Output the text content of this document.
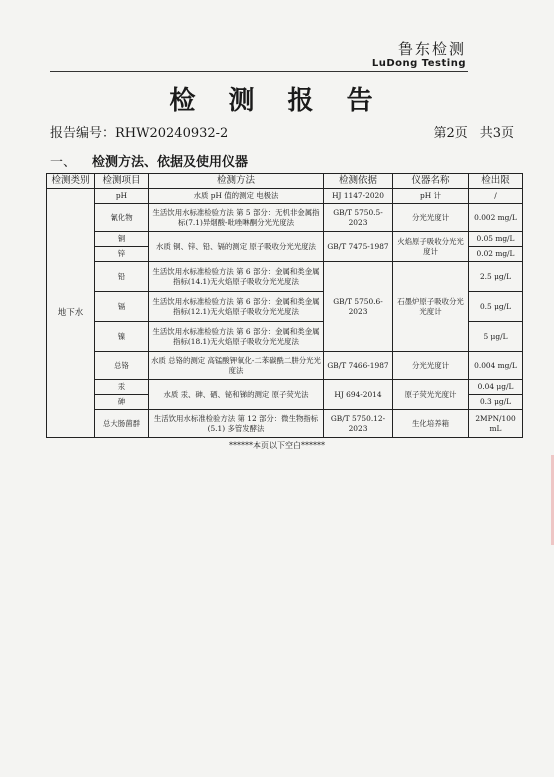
鲁东检测
LuDong Testing
检 测 报 告
报告编号：RHW20240932-2	第2页 共3页
一、 检测方法、依据及使用仪器
检测类别	检测项目	检测方法	检测依据	仪器名称	检出限
地下水	pH	水质 pH 值的测定 电极法	HJ 1147-2020	pH 计	/
	氰化物	生活饮用水标准检验方法 第 5 部分：无机非金属指标(7.1)异烟酸-吡唑啉酮分光光度法	GB/T 5750.5-2023	分光光度计	0.002 mg/L
	铜	水质 铜、锌、铅、镉的测定 原子吸收分光光度法	GB/T 7475-1987	火焰原子吸收分光光度计	0.05 mg/L
	锌				0.02 mg/L
	铅	生活饮用水标准检验方法 第 6 部分：金属和类金属指标(14.1)无火焰原子吸收分光光度法	GB/T 5750.6-2023	石墨炉原子吸收分光光度计	2.5 μg/L
	镉	生活饮用水标准检验方法 第 6 部分：金属和类金属指标(12.1)无火焰原子吸收分光光度法			0.5 μg/L
	镍	生活饮用水标准检验方法 第 6 部分：金属和类金属指标(18.1)无火焰原子吸收分光光度法			5 μg/L
	总铬	水质 总铬的测定 高锰酸钾氧化-二苯碳酰二肼分光光度法	GB/T 7466-1987	分光光度计	0.004 mg/L
	汞	水质 汞、砷、硒、铋和锑的测定 原子荧光法	HJ 694-2014	原子荧光光度计	0.04 μg/L
	砷				0.3 μg/L
	总大肠菌群	生活饮用水标准检验方法 第 12 部分：微生物指标(5.1) 多管发酵法	GB/T 5750.12-2023	生化培养箱	2MPN/100 mL
******本页以下空白******
